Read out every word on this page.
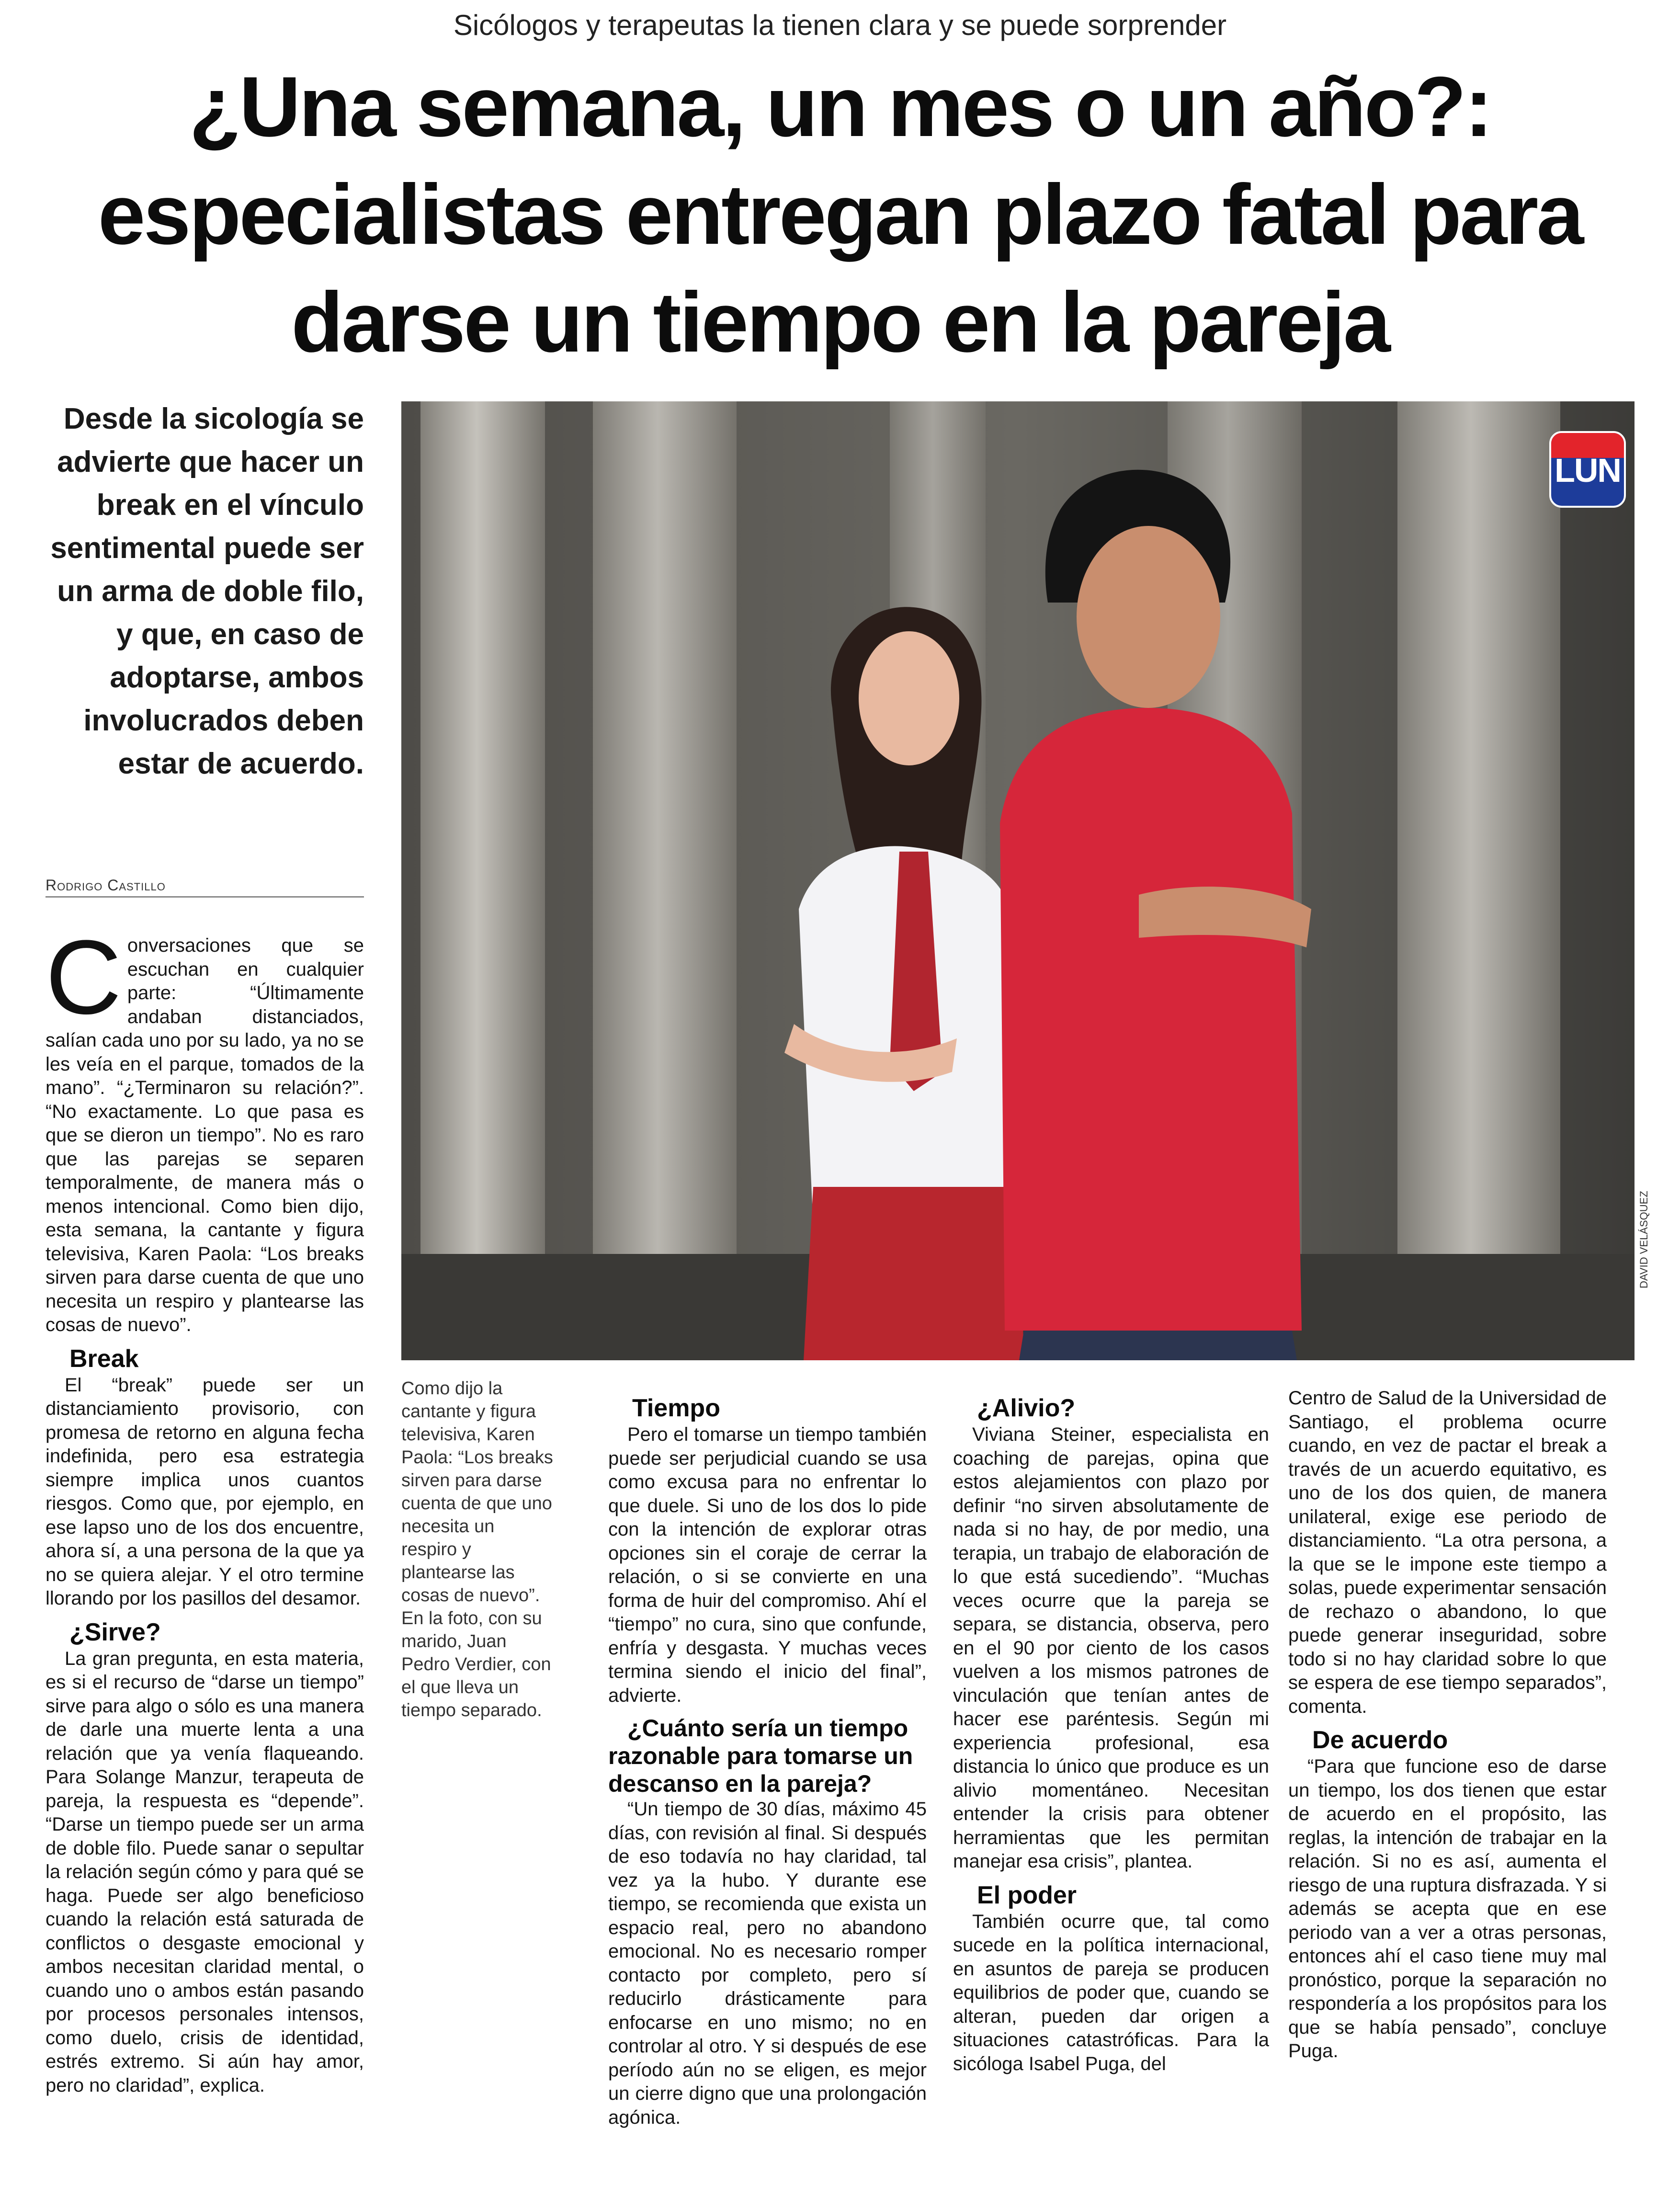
Sicólogos y terapeutas la tienen clara y se puede sorprender
¿Una semana, un mes o un año?:
especialistas entregan plazo fatal para
darse un tiempo en la pareja
Desde la sicología se advierte que hacer un break en el vínculo sentimental puede ser un arma de doble filo, y que, en caso de adoptarse, ambos involucrados deben estar de acuerdo.
Rodrigo Castillo

Conversaciones que se escuchan en cualquier parte: “Últimamente andaban distanciados, salían cada uno por su lado, ya no se les veía en el parque, tomados de la mano”. “¿Terminaron su relación?”. “No exactamente. Lo que pasa es que se dieron un tiempo”. No es raro que las parejas se separen temporalmente, de manera más o menos intencional. Como bien dijo, esta semana, la cantante y figura televisiva, Karen Paola: “Los breaks sirven para darse cuenta de que uno necesita un respiro y plantearse las cosas de nuevo”.

Break

El “break” puede ser un distanciamiento provisorio, con promesa de retorno en alguna fecha indefinida, pero esa estrategia siempre implica unos cuantos riesgos. Como que, por ejemplo, en ese lapso uno de los dos encuentre, ahora sí, a una persona de la que ya no se quiera alejar. Y el otro termine llorando por los pasillos del desamor.

¿Sirve?

La gran pregunta, en esta materia, es si el recurso de “darse un tiempo” sirve para algo o sólo es una manera de darle una muerte lenta a una relación que ya venía flaqueando. Para Solange Manzur, terapeuta de pareja, la respuesta es “depende”. “Darse un tiempo puede ser un arma de doble filo. Puede sanar o sepultar la relación según cómo y para qué se haga. Puede ser algo beneficioso cuando la relación está saturada de conflictos o desgaste emocional y ambos necesitan claridad mental, o cuando uno o ambos están pasando por procesos personales intensos, como duelo, crisis de identidad, estrés extremo. Si aún hay amor, pero no claridad”, explica.

LUN
DAVID VELÁSQUEZ
Como dijo la cantante y figura televisiva, Karen Paola: “Los breaks sirven para darse cuenta de que uno necesita un respiro y plantearse las cosas de nuevo”. En la foto, con su marido, Juan Pedro Verdier, con el que lleva un tiempo separado.
Tiempo

Pero el tomarse un tiempo también puede ser perjudicial cuando se usa como excusa para no enfrentar lo que duele. Si uno de los dos lo pide con la intención de explorar otras opciones sin el coraje de cerrar la relación, o si se convierte en una forma de huir del compromiso. Ahí el “tiempo” no cura, sino que confunde, enfría y desgasta. Y muchas veces termina siendo el inicio del final”, advierte.

¿Cuánto sería un tiempo razonable para tomarse un descanso en la pareja?

“Un tiempo de 30 días, máximo 45 días, con revisión al final. Si después de eso todavía no hay claridad, tal vez ya la hubo. Y durante ese tiempo, se recomienda que exista un espacio real, pero no abandono emocional. No es necesario romper contacto por completo, pero sí reducirlo drásticamente para enfocarse en uno mismo; no en controlar al otro. Y si después de ese período aún no se eligen, es mejor un cierre digno que una prolongación agónica.

¿Alivio?

Viviana Steiner, especialista en coaching de parejas, opina que estos alejamientos con plazo por definir “no sirven absolutamente de nada si no hay, de por medio, una terapia, un trabajo de elaboración de lo que está sucediendo”. “Muchas veces ocurre que la pareja se separa, se distancia, observa, pero en el 90 por ciento de los casos vuelven a los mismos patrones de vinculación que tenían antes de hacer ese paréntesis. Según mi experiencia profesional, esa distancia lo único que produce es un alivio momentáneo. Necesitan entender la crisis para obtener herramientas que les permitan manejar esa crisis”, plantea.

El poder

También ocurre que, tal como sucede en la política internacional, en asuntos de pareja se producen equilibrios de poder que, cuando se alteran, pueden dar origen a situaciones catastróficas. Para la sicóloga Isabel Puga, del

Centro de Salud de la Universidad de Santiago, el problema ocurre cuando, en vez de pactar el break a través de un acuerdo equitativo, es uno de los dos quien, de manera unilateral, exige ese periodo de distanciamiento. “La otra persona, a la que se le impone este tiempo a solas, puede experimentar sensación de rechazo o abandono, lo que puede generar inseguridad, sobre todo si no hay claridad sobre lo que se espera de ese tiempo separados”, comenta.

De acuerdo

“Para que funcione eso de darse un tiempo, los dos tienen que estar de acuerdo en el propósito, las reglas, la intención de trabajar en la relación. Si no es así, aumenta el riesgo de una ruptura disfrazada. Y si además se acepta que en ese periodo van a ver a otras personas, entonces ahí el caso tiene muy mal pronóstico, porque la separación no respondería a los propósitos para los que se había pensado”, concluye Puga.
